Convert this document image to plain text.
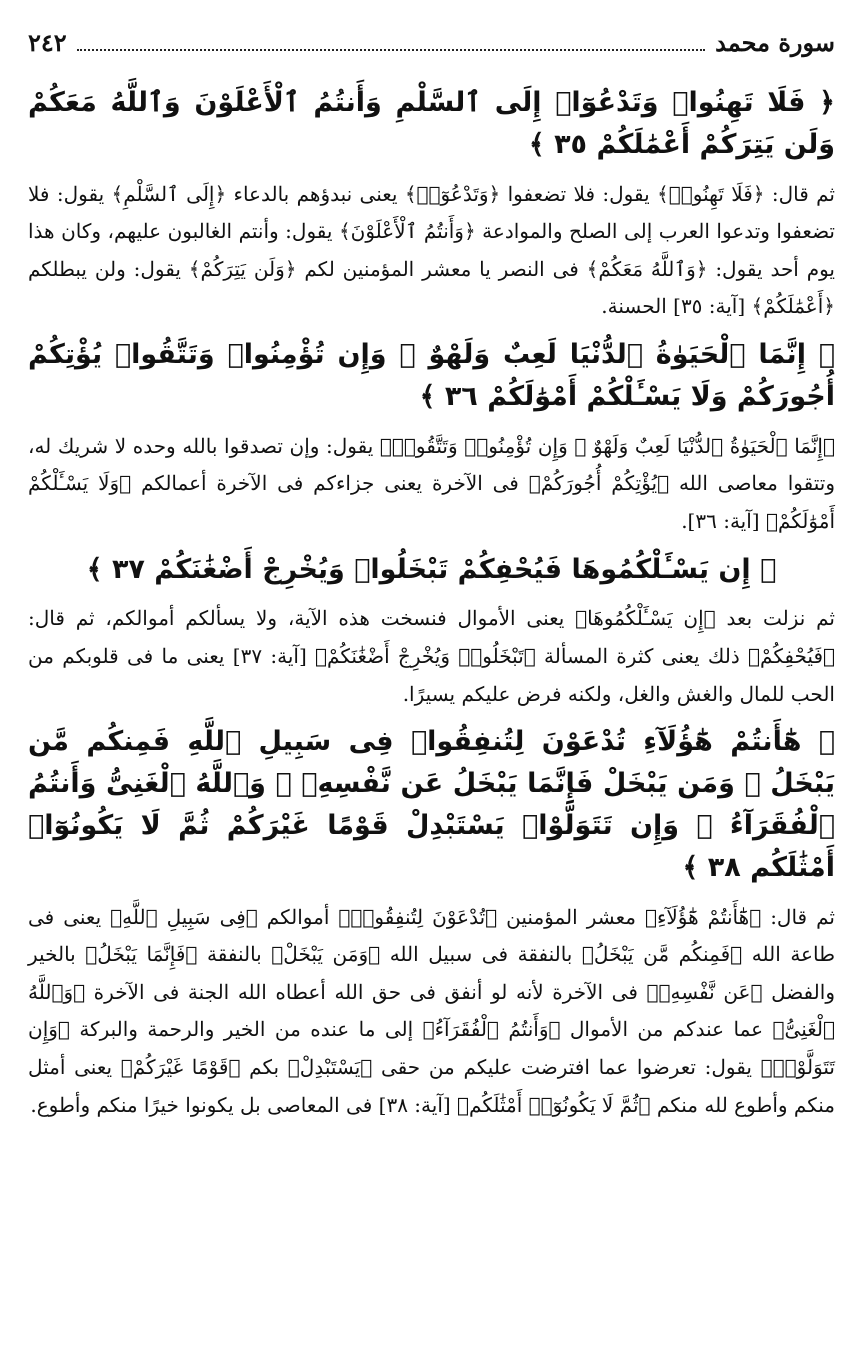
سورة محمد
٢٤٢
﴿ فَلَا تَهِنُوا۟ وَتَدْعُوٓا۟ إِلَى ٱلسَّلْمِ وَأَنتُمُ ٱلْأَعْلَوْنَ وَٱللَّهُ مَعَكُمْ وَلَن يَتِرَكُمْ أَعْمَٰلَكُمْ ٣٥ ﴾
ثم قال: ﴿فَلَا تَهِنُوا۟﴾ يقول: فلا تضعفوا ﴿وَتَدْعُوٓا۟﴾ يعنى نبدؤهم بالدعاء ﴿إِلَى ٱلسَّلْمِ﴾ يقول: فلا تضعفوا وتدعوا العرب إلى الصلح والموادعة ﴿وَأَنتُمُ ٱلْأَعْلَوْنَ﴾ يقول: وأنتم الغالبون عليهم، وكان هذا يوم أحد يقول: ﴿وَٱللَّهُ مَعَكُمْ﴾ فى النصر يا معشر المؤمنين لكم ﴿وَلَن يَتِرَكُمْ﴾ يقول: ولن يبطلكم ﴿أَعْمَٰلَكُمْ﴾ [آية: ٣٥] الحسنة.
﴿ إِنَّمَا ٱلْحَيَوٰةُ ٱلدُّنْيَا لَعِبٌ وَلَهْوٌ ۚ وَإِن تُؤْمِنُوا۟ وَتَتَّقُوا۟ يُؤْتِكُمْ أُجُورَكُمْ وَلَا يَسْـَٔلْكُمْ أَمْوَٰلَكُمْ ٣٦ ﴾
﴿إِنَّمَا ٱلْحَيَوٰةُ ٱلدُّنْيَا لَعِبٌ وَلَهْوٌ ۚ وَإِن تُؤْمِنُوا۟ وَتَتَّقُوا۟﴾ يقول: وإن تصدقوا بالله وحده لا شريك له، وتتقوا معاصى الله ﴿يُؤْتِكُمْ أُجُورَكُمْ﴾ فى الآخرة يعنى جزاءكم فى الآخرة أعمالكم ﴿وَلَا يَسْـَٔلْكُمْ أَمْوَٰلَكُمْ﴾ [آية: ٣٦].
﴿ إِن يَسْـَٔلْكُمُوهَا فَيُحْفِكُمْ تَبْخَلُوا۟ وَيُخْرِجْ أَضْغَٰنَكُمْ ٣٧ ﴾
ثم نزلت بعد ﴿إِن يَسْـَٔلْكُمُوهَا﴾ يعنى الأموال فنسخت هذه الآية، ولا يسألكم أموالكم، ثم قال: ﴿فَيُحْفِكُمْ﴾ ذلك يعنى كثرة المسألة ﴿تَبْخَلُوا۟ وَيُخْرِجْ أَضْغَٰنَكُمْ﴾ [آية: ٣٧] يعنى ما فى قلوبكم من الحب للمال والغش والغل، ولكنه فرض عليكم يسيرًا.
﴿ هَٰٓأَنتُمْ هَٰٓؤُلَآءِ تُدْعَوْنَ لِتُنفِقُوا۟ فِى سَبِيلِ ٱللَّهِ فَمِنكُم مَّن يَبْخَلُ ۖ وَمَن يَبْخَلْ فَإِنَّمَا يَبْخَلُ عَن نَّفْسِهِۦ ۚ وَٱللَّهُ ٱلْغَنِىُّ وَأَنتُمُ ٱلْفُقَرَآءُ ۚ وَإِن تَتَوَلَّوْا۟ يَسْتَبْدِلْ قَوْمًا غَيْرَكُمْ ثُمَّ لَا يَكُونُوٓا۟ أَمْثَٰلَكُم ٣٨ ﴾
ثم قال: ﴿هَٰٓأَنتُمْ هَٰٓؤُلَآءِ﴾ معشر المؤمنين ﴿تُدْعَوْنَ لِتُنفِقُوا۟﴾ أموالكم ﴿فِى سَبِيلِ ٱللَّهِ﴾ يعنى فى طاعة الله ﴿فَمِنكُم مَّن يَبْخَلُ﴾ بالنفقة فى سبيل الله ﴿وَمَن يَبْخَلْ﴾ بالنفقة ﴿فَإِنَّمَا يَبْخَلُ﴾ بالخير والفضل ﴿عَن نَّفْسِهِۦ﴾ فى الآخرة لأنه لو أنفق فى حق الله أعطاه الله الجنة فى الآخرة ﴿وَٱللَّهُ ٱلْغَنِىُّ﴾ عما عندكم من الأموال ﴿وَأَنتُمُ ٱلْفُقَرَآءُ﴾ إلى ما عنده من الخير والرحمة والبركة ﴿وَإِن تَتَوَلَّوْا۟﴾ يقول: تعرضوا عما افترضت عليكم من حقى ﴿يَسْتَبْدِلْ﴾ بكم ﴿قَوْمًا غَيْرَكُمْ﴾ يعنى أمثل منكم وأطوع لله منكم ﴿ثُمَّ لَا يَكُونُوٓا۟ أَمْثَٰلَكُم﴾ [آية: ٣٨] فى المعاصى بل يكونوا خيرًا منكم وأطوع.
